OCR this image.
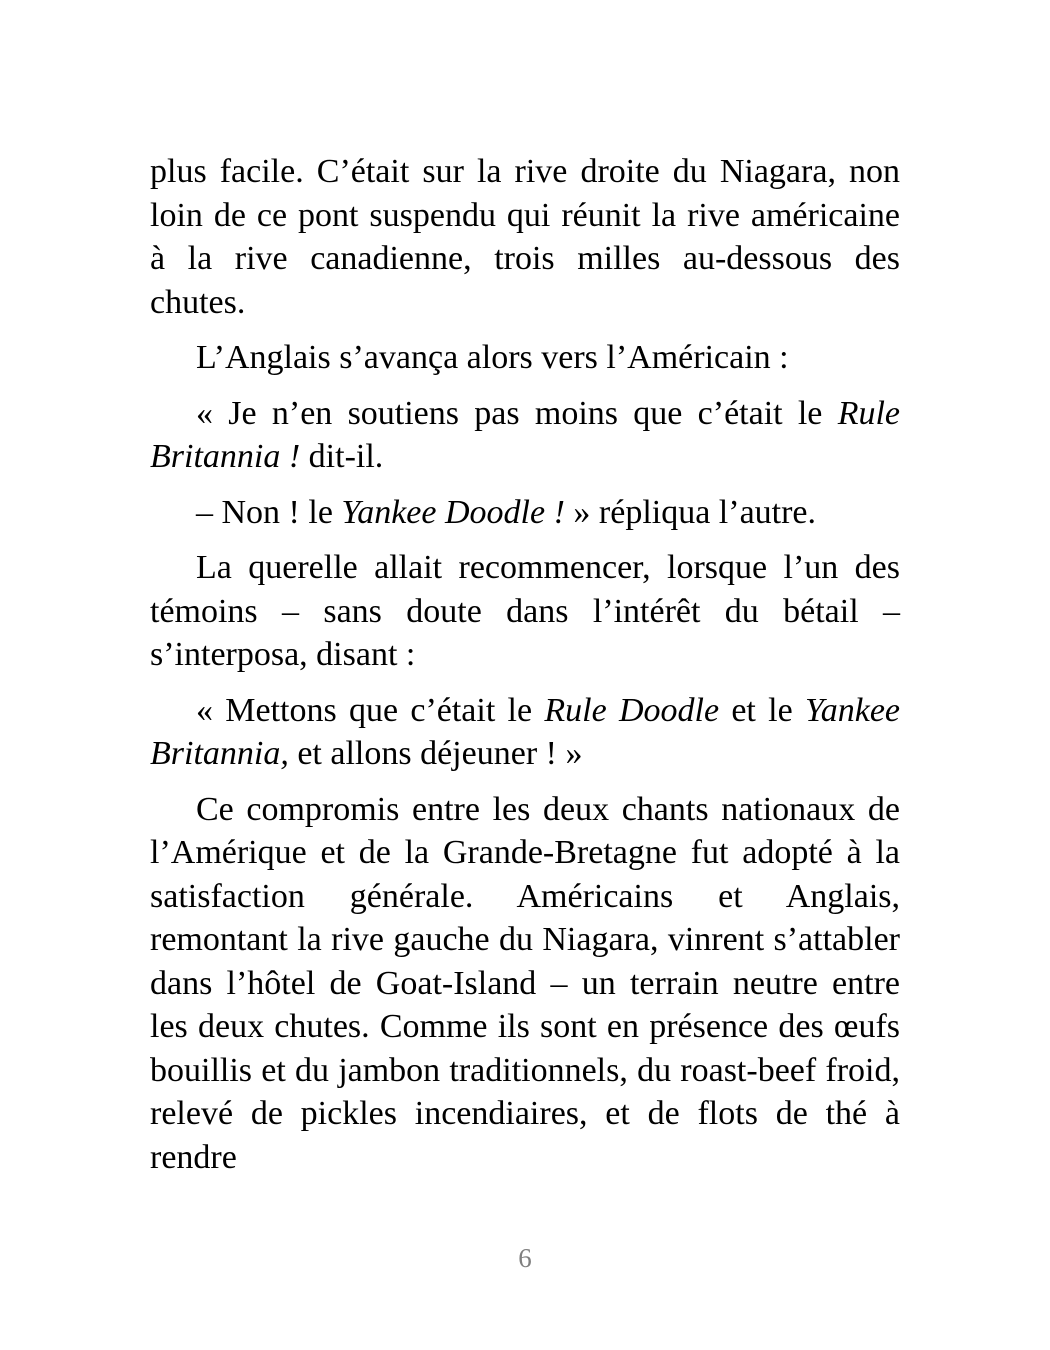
plus facile. C’était sur la rive droite du Niagara, non loin de ce pont suspendu qui réunit la rive américaine à la rive canadienne, trois milles au-dessous des chutes.

L’Anglais s’avança alors vers l’Américain :

« Je n’en soutiens pas moins que c’était le Rule Britannia ! dit-il.

– Non ! le Yankee Doodle ! » répliqua l’autre.

La querelle allait recommencer, lorsque l’un des témoins – sans doute dans l’intérêt du bétail – s’interposa, disant :

« Mettons que c’était le Rule Doodle et le Yankee Britannia, et allons déjeuner ! »

Ce compromis entre les deux chants nationaux de l’Amérique et de la Grande-Bretagne fut adopté à la satisfaction générale. Américains et Anglais, remontant la rive gauche du Niagara, vinrent s’attabler dans l’hôtel de Goat-Island – un terrain neutre entre les deux chutes. Comme ils sont en présence des œufs bouillis et du jambon traditionnels, du roast-beef froid, relevé de pickles incendiaires, et de flots de thé à rendre

6
